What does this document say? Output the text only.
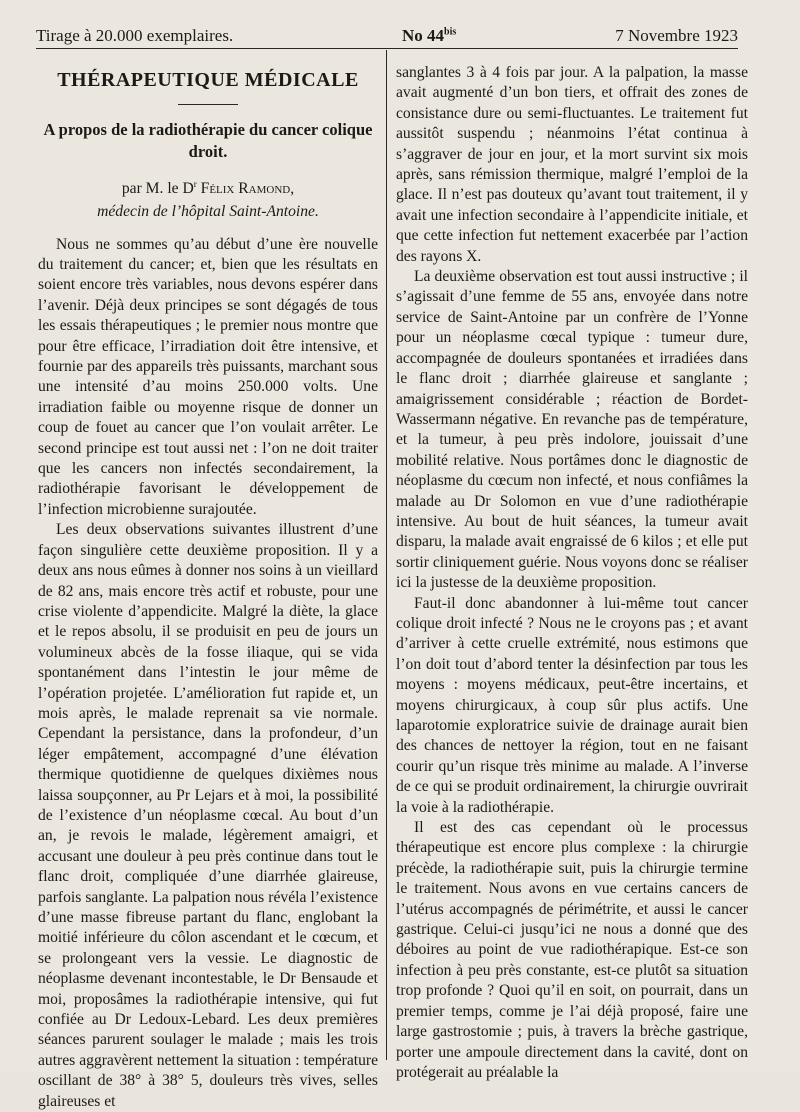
Tirage à 20.000 exemplaires.	No $44^{bis}$	7 Novembre 1923
THÉRAPEUTIQUE MÉDICALE
A propos de la radiothérapie du cancer colique droit.
par M. le $D^r$ Félix Ramond,
médecin de l’hôpital Saint-Antoine.

Nous ne sommes qu’au début d’une ère nouvelle du traitement du cancer; et, bien que les résultats en soient encore très variables, nous devons espérer dans l’avenir. Déjà deux principes se sont dégagés de tous les essais thérapeutiques ; le premier nous montre que pour être efficace, l’irradiation doit être intensive, et fournie par des appareils très puissants, marchant sous une intensité d’au moins 250.000 volts. Une irradiation faible ou moyenne risque de donner un coup de fouet au cancer que l’on voulait arrêter. Le second principe est tout aussi net : l’on ne doit traiter que les cancers non infectés secondairement, la radiothérapie favorisant le développement de l’infection microbienne surajoutée.

Les deux observations suivantes illustrent d’une façon singulière cette deuxième proposition. Il y a deux ans nous eûmes à donner nos soins à un vieillard de 82 ans, mais encore très actif et robuste, pour une crise violente d’appendicite. Malgré la diète, la glace et le repos absolu, il se produisit en peu de jours un volumineux abcès de la fosse iliaque, qui se vida spontanément dans l’intestin le jour même de l’opération projetée. L’amélioration fut rapide et, un mois après, le malade reprenait sa vie normale. Cependant la persistance, dans la profondeur, d’un léger empâtement, accompagné d’une élévation thermique quotidienne de quelques dixièmes nous laissa soupçonner, au Pr Lejars et à moi, la possibilité de l’existence d’un néoplasme cœcal. Au bout d’un an, je revois le malade, légèrement amaigri, et accusant une douleur à peu près continue dans tout le flanc droit, compliquée d’une diarrhée glaireuse, parfois sanglante. La palpation nous révéla l’existence d’une masse fibreuse partant du flanc, englobant la moitié inférieure du côlon ascendant et le cœcum, et se prolongeant vers la vessie. Le diagnostic de néoplasme devenant incontestable, le Dr Bensaude et moi, proposâmes la radiothérapie intensive, qui fut confiée au Dr Ledoux-Lebard. Les deux premières séances parurent soulager le malade ; mais les trois autres aggravèrent nettement la situation : température oscillant de 38° à 38° 5, douleurs très vives, selles glaireuses et

sanglantes 3 à 4 fois par jour. A la palpation, la masse avait augmenté d’un bon tiers, et offrait des zones de consistance dure ou semi-fluctuantes. Le traitement fut aussitôt suspendu ; néanmoins l’état continua à s’aggraver de jour en jour, et la mort survint six mois après, sans rémission thermique, malgré l’emploi de la glace. Il n’est pas douteux qu’avant tout traitement, il y avait une infection secondaire à l’appendicite initiale, et que cette infection fut nettement exacerbée par l’action des rayons X.

La deuxième observation est tout aussi instructive ; il s’agissait d’une femme de 55 ans, envoyée dans notre service de Saint-Antoine par un confrère de l’Yonne pour un néoplasme cœcal typique : tumeur dure, accompagnée de douleurs spontanées et irradiées dans le flanc droit ; diarrhée glaireuse et sanglante ; amaigrissement considérable ; réaction de Bordet-Wassermann négative. En revanche pas de température, et la tumeur, à peu près indolore, jouissait d’une mobilité relative. Nous portâmes donc le diagnostic de néoplasme du cœcum non infecté, et nous confiâmes la malade au Dr Solomon en vue d’une radiothérapie intensive. Au bout de huit séances, la tumeur avait disparu, la malade avait engraissé de 6 kilos ; et elle put sortir cliniquement guérie. Nous voyons donc se réaliser ici la justesse de la deuxième proposition.

Faut-il donc abandonner à lui-même tout cancer colique droit infecté ? Nous ne le croyons pas ; et avant d’arriver à cette cruelle extrémité, nous estimons que l’on doit tout d’abord tenter la désinfection par tous les moyens : moyens médicaux, peut-être incertains, et moyens chirurgicaux, à coup sûr plus actifs. Une laparotomie exploratrice suivie de drainage aurait bien des chances de nettoyer la région, tout en ne faisant courir qu’un risque très minime au malade. A l’inverse de ce qui se produit ordinairement, la chirurgie ouvrirait la voie à la radiothérapie.

Il est des cas cependant où le processus thérapeutique est encore plus complexe : la chirurgie précède, la radiothérapie suit, puis la chirurgie termine le traitement. Nous avons en vue certains cancers de l’utérus accompagnés de périmétrite, et aussi le cancer gastrique. Celui-ci jusqu’ici ne nous a donné que des déboires au point de vue radiothérapique. Est-ce son infection à peu près constante, est-ce plutôt sa situation trop profonde ? Quoi qu’il en soit, on pourrait, dans un premier temps, comme je l’ai déjà proposé, faire une large gastrostomie ; puis, à travers la brèche gastrique, porter une ampoule directement dans la cavité, dont on protégerait au préalable la
